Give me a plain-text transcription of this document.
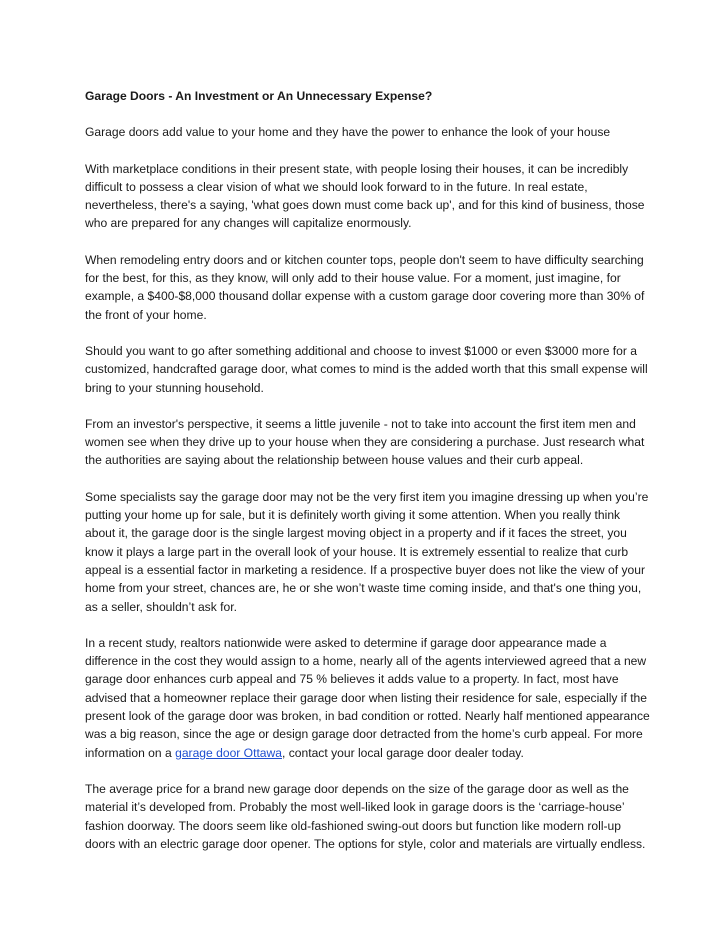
Garage Doors - An Investment or An Unnecessary Expense?

Garage doors add value to your home and they have the power to enhance the look of your house

With marketplace conditions in their present state, with people losing their houses, it can be incredibly difficult to possess a clear vision of what we should look forward to in the future. In real estate, nevertheless, there's a saying, 'what goes down must come back up', and for this kind of business, those who are prepared for any changes will capitalize enormously.

When remodeling entry doors and or kitchen counter tops, people don't seem to have difficulty searching for the best, for this, as they know, will only add to their house value. For a moment, just imagine, for example, a $400-$8,000 thousand dollar expense with a custom garage door covering more than 30% of the front of your home.

Should you want to go after something additional and choose to invest $1000 or even $3000 more for a customized, handcrafted garage door, what comes to mind is the added worth that this small expense will bring to your stunning household.

From an investor's perspective, it seems a little juvenile - not to take into account the first item men and women see when they drive up to your house when they are considering a purchase. Just research what the authorities are saying about the relationship between house values and their curb appeal.

Some specialists say the garage door may not be the very first item you imagine dressing up when you’re putting your home up for sale, but it is definitely worth giving it some attention. When you really think about it, the garage door is the single largest moving object in a property and if it faces the street, you know it plays a large part in the overall look of your house. It is extremely essential to realize that curb appeal is a essential factor in marketing a residence. If a prospective buyer does not like the view of your home from your street, chances are, he or she won’t waste time coming inside, and that's one thing you, as a seller, shouldn’t ask for.

In a recent study, realtors nationwide were asked to determine if garage door appearance made a difference in the cost they would assign to a home, nearly all of the agents interviewed agreed that a new garage door enhances curb appeal and 75 % believes it adds value to a property. In fact, most have advised that a homeowner replace their garage door when listing their residence for sale, especially if the present look of the garage door was broken, in bad condition or rotted. Nearly half mentioned appearance was a big reason, since the age or design garage door detracted from the home’s curb appeal. For more information on a garage door Ottawa, contact your local garage door dealer today.

The average price for a brand new garage door depends on the size of the garage door as well as the material it’s developed from. Probably the most well-liked look in garage doors is the ‘carriage-house’ fashion doorway. The doors seem like old-fashioned swing-out doors but function like modern roll-up doors with an electric garage door opener. The options for style, color and materials are virtually endless.
